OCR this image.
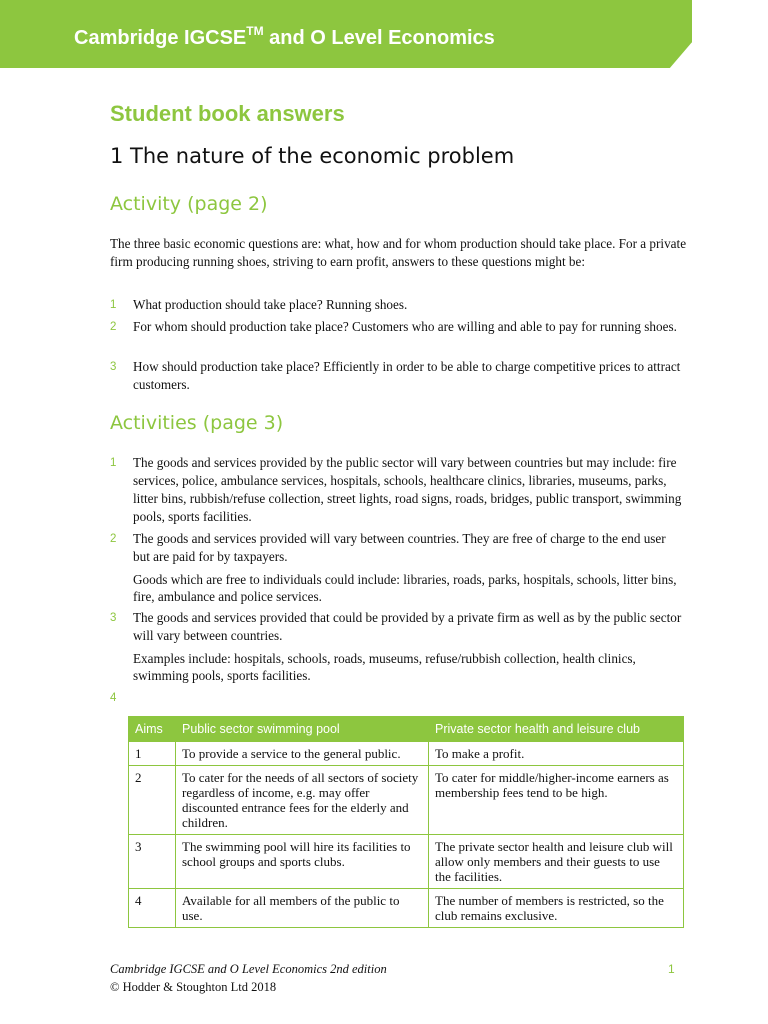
Cambridge IGCSE™ and O Level Economics
Student book answers
1 The nature of the economic problem
Activity (page 2)
The three basic economic questions are: what, how and for whom production should take place. For a private firm producing running shoes, striving to earn profit, answers to these questions might be:
1 What production should take place? Running shoes.
2 For whom should production take place? Customers who are willing and able to pay for running shoes.
3 How should production take place? Efficiently in order to be able to charge competitive prices to attract customers.
Activities (page 3)
1 The goods and services provided by the public sector will vary between countries but may include: fire services, police, ambulance services, hospitals, schools, healthcare clinics, libraries, museums, parks, litter bins, rubbish/refuse collection, street lights, road signs, roads, bridges, public transport, swimming pools, sports facilities.
2 The goods and services provided will vary between countries. They are free of charge to the end user but are paid for by taxpayers.
Goods which are free to individuals could include: libraries, roads, parks, hospitals, schools, litter bins, fire, ambulance and police services.
3 The goods and services provided that could be provided by a private firm as well as by the public sector will vary between countries.
Examples include: hospitals, schools, roads, museums, refuse/rubbish collection, health clinics, swimming pools, sports facilities.
4
Aims	Public sector swimming pool	Private sector health and leisure club
1	To provide a service to the general public.	To make a profit.
2	To cater for the needs of all sectors of society regardless of income, e.g. may offer discounted entrance fees for the elderly and children.	To cater for middle/higher-income earners as membership fees tend to be high.
3	The swimming pool will hire its facilities to school groups and sports clubs.	The private sector health and leisure club will allow only members and their guests to use the facilities.
4	Available for all members of the public to use.	The number of members is restricted, so the club remains exclusive.
Cambridge IGCSE and O Level Economics 2nd edition
© Hodder & Stoughton Ltd 2018
1
